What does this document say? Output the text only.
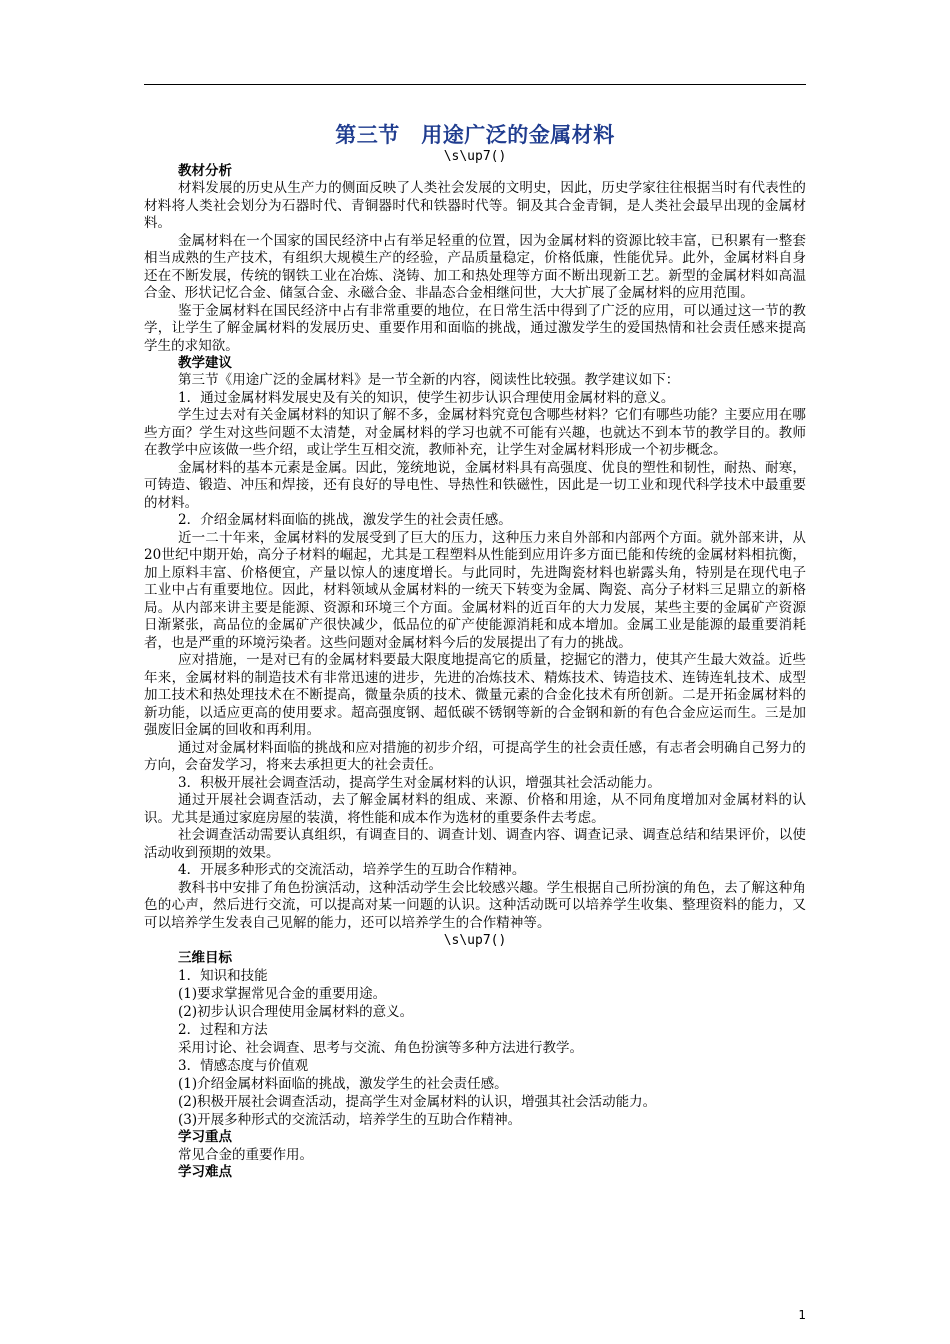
第三节　用途广泛的金属材料
\s\up7()
教材分析
材料发展的历史从生产力的侧面反映了人类社会发展的文明史，因此，历史学家往往根据当时有代表性的材料将人类社会划分为石器时代、青铜器时代和铁器时代等。铜及其合金青铜，是人类社会最早出现的金属材料。
金属材料在一个国家的国民经济中占有举足轻重的位置，因为金属材料的资源比较丰富，已积累有一整套相当成熟的生产技术，有组织大规模生产的经验，产品质量稳定，价格低廉，性能优异。此外，金属材料自身还在不断发展，传统的钢铁工业在冶炼、浇铸、加工和热处理等方面不断出现新工艺。新型的金属材料如高温合金、形状记忆合金、储氢合金、永磁合金、非晶态合金相继问世，大大扩展了金属材料的应用范围。
鉴于金属材料在国民经济中占有非常重要的地位，在日常生活中得到了广泛的应用，可以通过这一节的教学，让学生了解金属材料的发展历史、重要作用和面临的挑战，通过激发学生的爱国热情和社会责任感来提高学生的求知欲。
教学建议
第三节《用途广泛的金属材料》是一节全新的内容，阅读性比较强。教学建议如下：
1．通过金属材料发展史及有关的知识，使学生初步认识合理使用金属材料的意义。
学生过去对有关金属材料的知识了解不多，金属材料究竟包含哪些材料？它们有哪些功能？主要应用在哪些方面？学生对这些问题不太清楚，对金属材料的学习也就不可能有兴趣，也就达不到本节的教学目的。教师在教学中应该做一些介绍，或让学生互相交流，教师补充，让学生对金属材料形成一个初步概念。
金属材料的基本元素是金属。因此，笼统地说，金属材料具有高强度、优良的塑性和韧性，耐热、耐寒，可铸造、锻造、冲压和焊接，还有良好的导电性、导热性和铁磁性，因此是一切工业和现代科学技术中最重要的材料。
2．介绍金属材料面临的挑战，激发学生的社会责任感。
近一二十年来，金属材料的发展受到了巨大的压力，这种压力来自外部和内部两个方面。就外部来讲，从20世纪中期开始，高分子材料的崛起，尤其是工程塑料从性能到应用许多方面已能和传统的金属材料相抗衡，加上原料丰富、价格便宜，产量以惊人的速度增长。与此同时，先进陶瓷材料也崭露头角，特别是在现代电子工业中占有重要地位。因此，材料领域从金属材料的一统天下转变为金属、陶瓷、高分子材料三足鼎立的新格局。从内部来讲主要是能源、资源和环境三个方面。金属材料的近百年的大力发展，某些主要的金属矿产资源日渐紧张，高品位的金属矿产很快减少，低品位的矿产使能源消耗和成本增加。金属工业是能源的最重要消耗者，也是严重的环境污染者。这些问题对金属材料今后的发展提出了有力的挑战。
应对措施，一是对已有的金属材料要最大限度地提高它的质量，挖掘它的潜力，使其产生最大效益。近些年来，金属材料的制造技术有非常迅速的进步，先进的冶炼技术、精炼技术、铸造技术、连铸连轧技术、成型加工技术和热处理技术在不断提高，微量杂质的技术、微量元素的合金化技术有所创新。二是开拓金属材料的新功能，以适应更高的使用要求。超高强度钢、超低碳不锈钢等新的合金钢和新的有色合金应运而生。三是加强废旧金属的回收和再利用。
通过对金属材料面临的挑战和应对措施的初步介绍，可提高学生的社会责任感，有志者会明确自己努力的方向，会奋发学习，将来去承担更大的社会责任。
3．积极开展社会调查活动，提高学生对金属材料的认识，增强其社会活动能力。
通过开展社会调查活动，去了解金属材料的组成、来源、价格和用途，从不同角度增加对金属材料的认识。尤其是通过家庭房屋的装潢，将性能和成本作为选材的重要条件去考虑。
社会调查活动需要认真组织，有调查目的、调查计划、调查内容、调查记录、调查总结和结果评价，以使活动收到预期的效果。
4．开展多种形式的交流活动，培养学生的互助合作精神。
教科书中安排了角色扮演活动，这种活动学生会比较感兴趣。学生根据自己所扮演的角色，去了解这种角色的心声，然后进行交流，可以提高对某一问题的认识。这种活动既可以培养学生收集、整理资料的能力，又可以培养学生发表自己见解的能力，还可以培养学生的合作精神等。
\s\up7()
三维目标
1．知识和技能
(1)要求掌握常见合金的重要用途。
(2)初步认识合理使用金属材料的意义。
2．过程和方法
采用讨论、社会调查、思考与交流、角色扮演等多种方法进行教学。
3．情感态度与价值观
(1)介绍金属材料面临的挑战，激发学生的社会责任感。
(2)积极开展社会调查活动，提高学生对金属材料的认识，增强其社会活动能力。
(3)开展多种形式的交流活动，培养学生的互助合作精神。
学习重点
常见合金的重要作用。
学习难点
1
